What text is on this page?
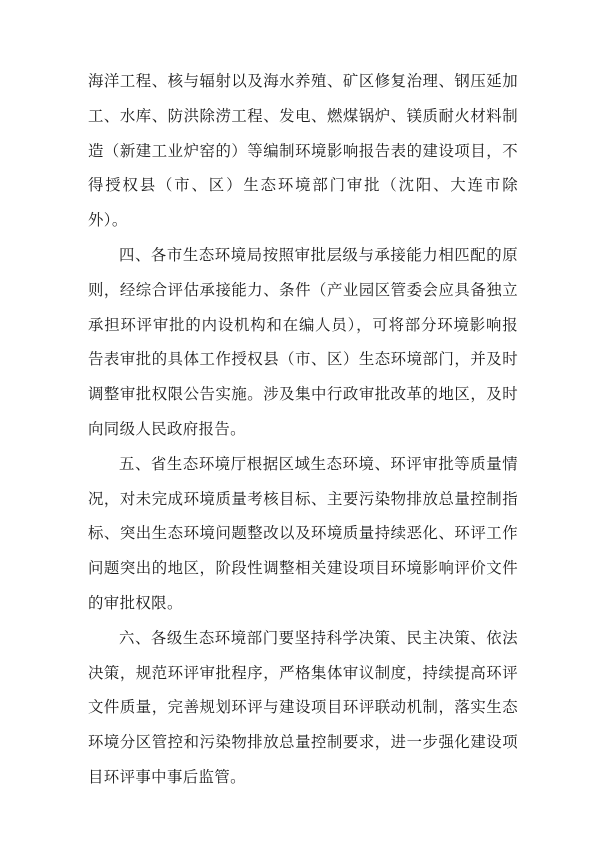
海洋工程、核与辐射以及海水养殖、矿区修复治理、钢压延加工、水库、防洪除涝工程、发电、燃煤锅炉、镁质耐火材料制造（新建工业炉窑的）等编制环境影响报告表的建设项目，不得授权县（市、区）生态环境部门审批（沈阳、大连市除外）。

四、各市生态环境局按照审批层级与承接能力相匹配的原则，经综合评估承接能力、条件（产业园区管委会应具备独立承担环评审批的内设机构和在编人员），可将部分环境影响报告表审批的具体工作授权县（市、区）生态环境部门，并及时调整审批权限公告实施。涉及集中行政审批改革的地区，及时向同级人民政府报告。

五、省生态环境厅根据区域生态环境、环评审批等质量情况，对未完成环境质量考核目标、主要污染物排放总量控制指标、突出生态环境问题整改以及环境质量持续恶化、环评工作问题突出的地区，阶段性调整相关建设项目环境影响评价文件的审批权限。

六、各级生态环境部门要坚持科学决策、民主决策、依法决策，规范环评审批程序，严格集体审议制度，持续提高环评文件质量，完善规划环评与建设项目环评联动机制，落实生态环境分区管控和污染物排放总量控制要求，进一步强化建设项目环评事中事后监管。
